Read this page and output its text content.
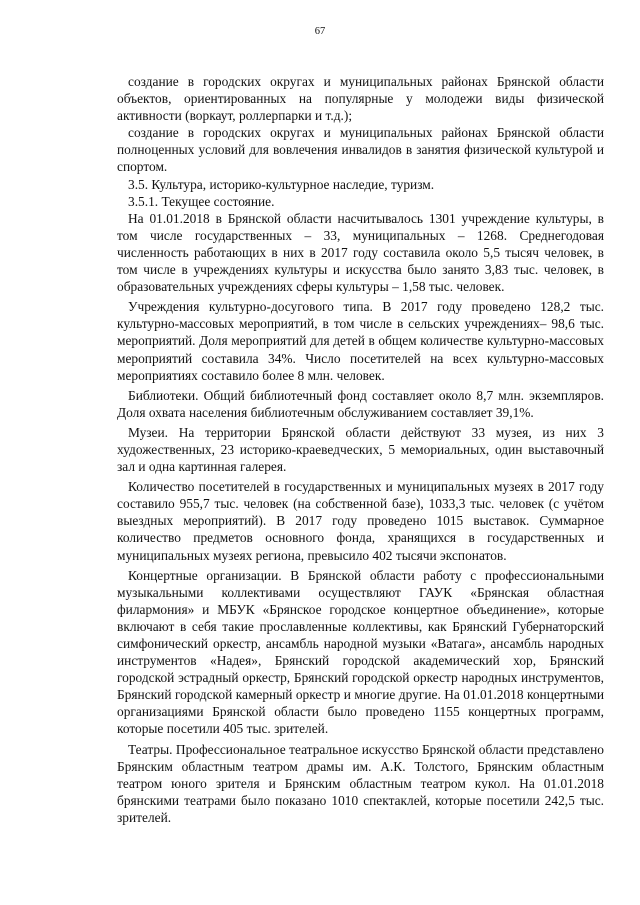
67

создание в городских округах и муниципальных районах Брянской области объектов, ориентированных на популярные у молодежи виды физической активности (воркаут, роллерпарки и т.д.);

создание в городских округах и муниципальных районах Брянской области полноценных условий для вовлечения инвалидов в занятия физической культурой и спортом.

3.5. Культура, историко-культурное наследие, туризм.

3.5.1. Текущее состояние.

На 01.01.2018 в Брянской области насчитывалось 1301 учреждение культуры, в том числе государственных – 33, муниципальных – 1268. Среднегодовая численность работающих в них в 2017 году составила около 5,5 тысяч человек, в том числе в учреждениях культуры и искусства было занято 3,83 тыс. человек, в образовательных учреждениях сферы культуры – 1,58 тыс. человек.

Учреждения культурно-досугового типа. В 2017 году проведено 128,2 тыс. культурно-массовых мероприятий, в том числе в сельских учреждениях– 98,6 тыс. мероприятий. Доля мероприятий для детей в общем количестве культурно-массовых мероприятий составила 34%. Число посетителей на всех культурно-массовых мероприятиях составило более 8 млн. человек.

Библиотеки. Общий библиотечный фонд составляет около 8,7 млн. экземпляров. Доля охвата населения библиотечным обслуживанием составляет 39,1%.

Музеи. На территории Брянской области действуют 33 музея, из них 3 художественных, 23 историко-краеведческих, 5 мемориальных, один выставочный зал и одна картинная галерея.

Количество посетителей в государственных и муниципальных музеях в 2017 году составило 955,7 тыс. человек (на собственной базе), 1033,3 тыс. человек (с учётом выездных мероприятий). В 2017 году проведено 1015 выставок. Суммарное количество предметов основного фонда, хранящихся в государственных и муниципальных музеях региона, превысило 402 тысячи экспонатов.

Концертные организации. В Брянской области работу с профессиональными музыкальными коллективами осуществляют ГАУК «Брянская областная филармония» и МБУК «Брянское городское концертное объединение», которые включают в себя такие прославленные коллективы, как Брянский Губернаторский симфонический оркестр, ансамбль народной музыки «Ватага», ансамбль народных инструментов «Надея», Брянский городской академический хор, Брянский городской эстрадный оркестр, Брянский городской оркестр народных инструментов, Брянский городской камерный оркестр и многие другие. На 01.01.2018 концертными организациями Брянской области было проведено 1155 концертных программ, которые посетили 405 тыс. зрителей.

Театры. Профессиональное театральное искусство Брянской области представлено Брянским областным театром драмы им. А.К. Толстого, Брянским областным театром юного зрителя и Брянским областным театром кукол. На 01.01.2018 брянскими театрами было показано 1010 спектаклей, которые посетили 242,5 тыс. зрителей.
